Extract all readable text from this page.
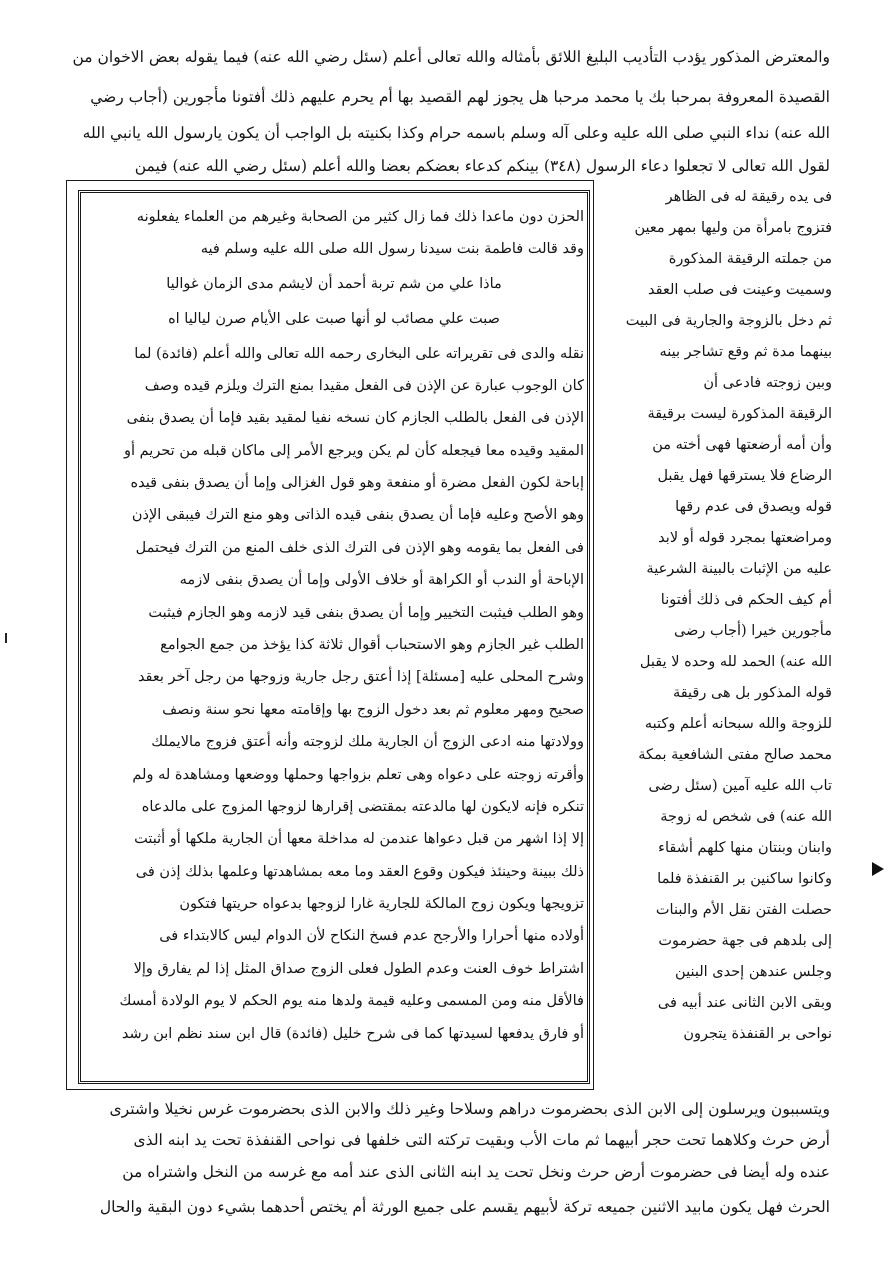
والمعترض المذكور يؤدب التأديب البليغ اللائق بأمثاله والله تعالى أعلم (سئل رضي الله عنه) فيما يقوله بعض الاخوان من
القصيدة المعروفة بمرحبا بك يا محمد مرحبا هل يجوز لهم القصيد بها أم يحرم عليهم ذلك أفتونا مأجورين (أجاب رضي
الله عنه) نداء النبي صلى الله عليه وعلى آله وسلم باسمه حرام وكذا بكنيته بل الواجب أن يكون يارسول الله يانبي الله
لقول الله تعالى لا تجعلوا دعاء الرسول (٣٤٨) بينكم كدعاء بعضكم بعضا والله أعلم (سئل رضي الله عنه) فيمن
الحزن دون ماعدا ذلك فما زال كثير من الصحابة وغيرهم من العلماء يفعلونه
وقد قالت فاطمة بنت سيدنا رسول الله صلى الله عليه وسلم فيه
ماذا علي من شم تربة أحمد أن لايشم مدى الزمان غواليا
صبت علي مصائب لو أنها صبت على الأيام صرن لياليا اه
نقله والدى فى تقريراته على البخارى رحمه الله تعالى والله أعلم (فائدة) لما
كان الوجوب عبارة عن الإذن فى الفعل مقيدا بمنع الترك ويلزم قيده وصف
الإذن فى الفعل بالطلب الجازم كان نسخه نفيا لمقيد بقيد فإما أن يصدق بنفى
المقيد وقيده معا فيجعله كأن لم يكن ويرجع الأمر إلى ماكان قبله من تحريم أو
إباحة لكون الفعل مضرة أو منفعة وهو قول الغزالى وإما أن يصدق بنفى قيده
وهو الأصح وعليه فإما أن يصدق بنفى قيده الذاتى وهو منع الترك فيبقى الإذن
فى الفعل بما يقومه وهو الإذن فى الترك الذى خلف المنع من الترك فيحتمل
الإباحة أو الندب أو الكراهة أو خلاف الأولى وإما أن يصدق بنفى لازمه
وهو الطلب فيثبت التخيير وإما أن يصدق بنفى قيد لازمه وهو الجازم فيثبت
الطلب غير الجازم وهو الاستحباب أقوال ثلاثة كذا يؤخذ من جمع الجوامع
وشرح المحلى عليه [مسئلة] إذا أعتق رجل جارية وزوجها من رجل آخر بعقد
صحيح ومهر معلوم ثم بعد دخول الزوج بها وإقامته معها نحو سنة ونصف
وولادتها منه ادعى الزوج أن الجارية ملك لزوجته وأنه أعتق فزوج مالايملك
وأقرته زوجته على دعواه وهى تعلم بزواجها وحملها ووضعها ومشاهدة له ولم
تنكره فإنه لايكون لها مالدعته بمقتضى إقرارها لزوجها المزوج على مالدعاه
إلا إذا اشهر من قبل دعواها عندمن له مداخلة معها أن الجارية ملكها أو أثبتت
ذلك ببينة وحينئذ فيكون وقوع العقد وما معه بمشاهدتها وعلمها بذلك إذن فى
تزويجها ويكون زوج المالكة للجارية غارا لزوجها بدعواه حريتها فتكون
أولاده منها أحرارا والأرجح عدم فسخ النكاح لأن الدوام ليس كالابتداء فى
اشتراط خوف العنت وعدم الطول فعلى الزوج صداق المثل إذا لم يفارق وإلا
فالأقل منه ومن المسمى وعليه قيمة ولدها منه يوم الحكم لا يوم الولادة أمسك
أو فارق يدفعها لسيدتها كما فى شرح خليل (فائدة) قال ابن سند نظم ابن رشد
فى يده رقيقة له فى الظاهر
فتزوج بامرأة من وليها بمهر معين
من جملته الرقيقة المذكورة
وسميت وعينت فى صلب العقد
ثم دخل بالزوجة والجارية فى البيت
بينهما مدة ثم وقع تشاجر بينه
وبين زوجته فادعى أن
الرقيقة المذكورة ليست برقيقة
وأن أمه أرضعتها فهى أخته من
الرضاع فلا يسترقها فهل يقبل
قوله ويصدق فى عدم رقها
ومراضعتها بمجرد قوله أو لابد
عليه من الإثبات بالبينة الشرعية
أم كيف الحكم فى ذلك أفتونا
مأجورين خيرا (أجاب رضى
الله عنه) الحمد لله وحده لا يقبل
قوله المذكور بل هى رقيقة
للزوجة والله سبحانه أعلم وكتبه
محمد صالح مفتى الشافعية بمكة
تاب الله عليه آمين (سئل رضى
الله عنه) فى شخص له زوجة
وابنان وبنتان منها كلهم أشقاء
وكانوا ساكنين بر القنفذة فلما
حصلت الفتن نقل الأم والبنات
إلى بلدهم فى جهة حضرموت
وجلس عندهن إحدى البنين
وبقى الابن الثانى عند أبيه فى
نواحى بر القنفذة يتجرون
ويتسببون ويرسلون إلى الابن الذى بحضرموت دراهم وسلاحا وغير ذلك والابن الذى بحضرموت غرس نخيلا واشترى
أرض حرث وكلاهما تحت حجر أبيهما ثم مات الأب وبقيت تركته التى خلفها فى نواحى القنفذة تحت يد ابنه الذى
عنده وله أيضا فى حضرموت أرض حرث ونخل تحت يد ابنه الثانى الذى عند أمه مع غرسه من النخل واشتراه من
الحرث فهل يكون مابيد الاثنين جميعه تركة لأبيهم يقسم على جميع الورثة أم يختص أحدهما بشيء دون البقية والحال
